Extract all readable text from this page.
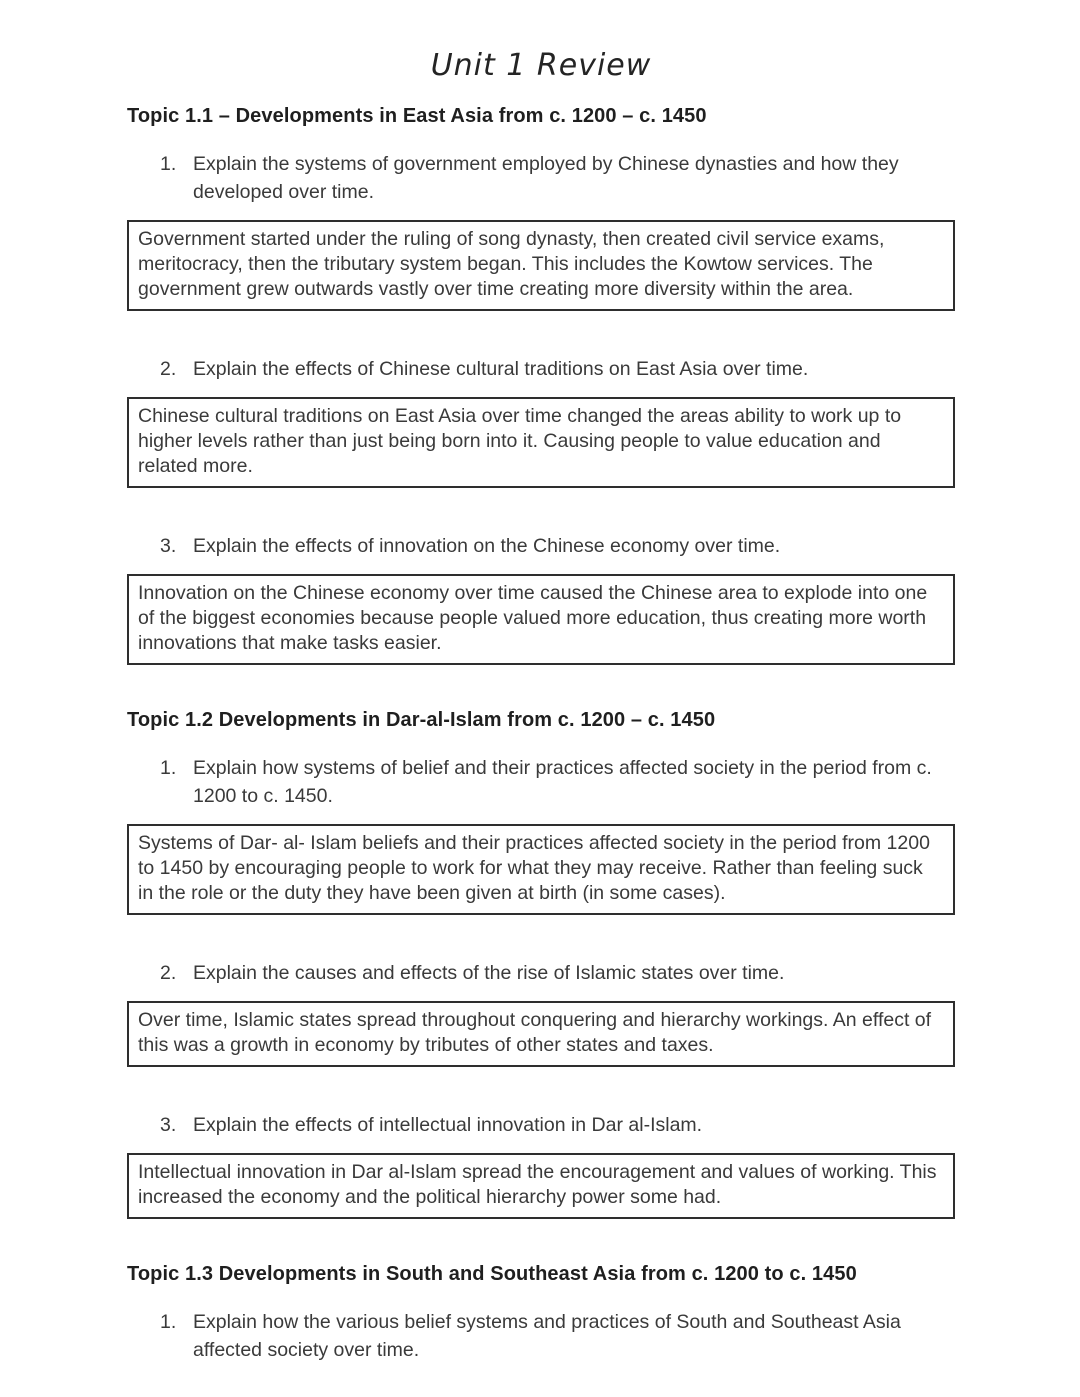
Unit 1 Review
Topic 1.1 – Developments in East Asia from c. 1200 – c. 1450
1. Explain the systems of government employed by Chinese dynasties and how they developed over time.
Government started under the ruling of song dynasty, then created civil service exams, meritocracy, then the tributary system began. This includes the Kowtow services. The government grew outwards vastly over time creating more diversity within the area.
2. Explain the effects of Chinese cultural traditions on East Asia over time.
Chinese cultural traditions on East Asia over time changed the areas ability to work up to higher levels rather than just being born into it. Causing people to value education and related more.
3. Explain the effects of innovation on the Chinese economy over time.
Innovation on the Chinese economy over time caused the Chinese area to explode into one of the biggest economies because people valued more education, thus creating more worth innovations that make tasks easier.
Topic 1.2 Developments in Dar-al-Islam from c. 1200 – c. 1450
1. Explain how systems of belief and their practices affected society in the period from c. 1200 to c. 1450.
Systems of Dar- al- Islam beliefs and their practices affected society in the period from 1200 to 1450 by encouraging people to work for what they may receive. Rather than feeling suck in the role or the duty they have been given at birth (in some cases).
2. Explain the causes and effects of the rise of Islamic states over time.
Over time, Islamic states spread throughout conquering and hierarchy workings. An effect of this was a growth in economy by tributes of other states and taxes.
3. Explain the effects of intellectual innovation in Dar al-Islam.
Intellectual innovation in Dar al-Islam spread the encouragement and values of working. This increased the economy and the political hierarchy power some had.
Topic 1.3 Developments in South and Southeast Asia from c. 1200 to c. 1450
1. Explain how the various belief systems and practices of South and Southeast Asia affected society over time.
